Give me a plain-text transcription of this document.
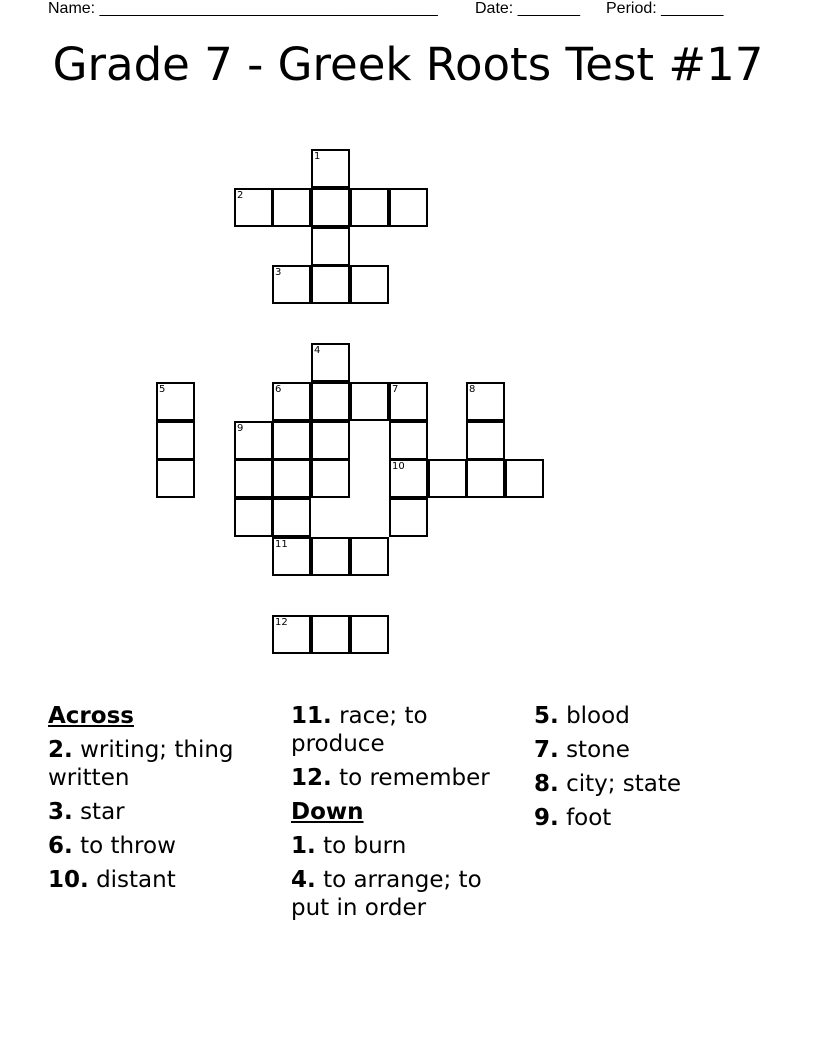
Name: ______________________________________ Date: _______ Period: _______
Grade 7 - Greek Roots Test #17
1
2
3
4
5	6	7
10
8
9
11
12
Across
2. writing; thing written
3. star
6. to throw
10. distant
11. race; to produce
12. to remember
Down
1. to burn
4. to arrange; to put in order
5. blood
7. stone
8. city; state
9. foot
